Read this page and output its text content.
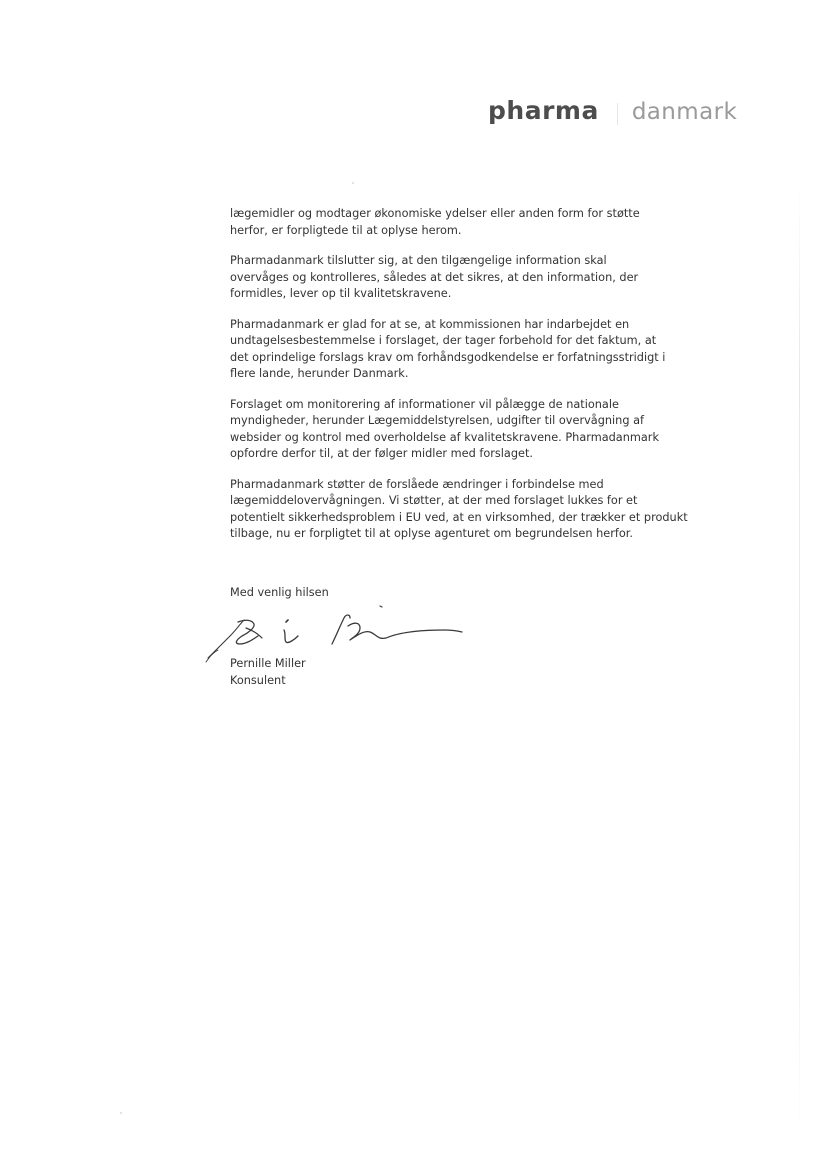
pharma danmark

lægemidler og modtager økonomiske ydelser eller anden form for støtte
herfor, er forpligtede til at oplyse herom.

Pharmadanmark tilslutter sig, at den tilgængelige information skal
overvåges og kontrolleres, således at det sikres, at den information, der
formidles, lever op til kvalitetskravene.

Pharmadanmark er glad for at se, at kommissionen har indarbejdet en
undtagelsesbestemmelse i forslaget, der tager forbehold for det faktum, at
det oprindelige forslags krav om forhåndsgodkendelse er forfatningsstridigt i
flere lande, herunder Danmark.

Forslaget om monitorering af informationer vil pålægge de nationale
myndigheder, herunder Lægemiddelstyrelsen, udgifter til overvågning af
websider og kontrol med overholdelse af kvalitetskravene. Pharmadanmark
opfordre derfor til, at der følger midler med forslaget.

Pharmadanmark støtter de forslåede ændringer i forbindelse med
lægemiddelovervågningen. Vi støtter, at der med forslaget lukkes for et
potentielt sikkerhedsproblem i EU ved, at en virksomhed, der trækker et produkt
tilbage, nu er forpligtet til at oplyse agenturet om begrundelsen herfor.

Med venlig hilsen
Pernille Miller
Konsulent
